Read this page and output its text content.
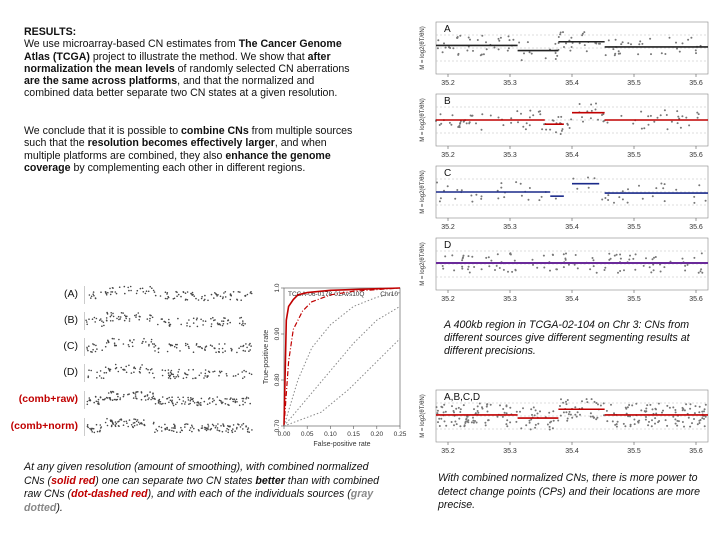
RESULTS:
We use microarray-based CN estimates from The Cancer Genome Atlas (TCGA) project to illustrate the method. We show that after normalization the mean levels of randomly selected CN aberrations are the same across platforms, and that the normalized and combined data better separate two CN states at a given resolution.
We conclude that it is possible to combine CNs from multiple sources such that the resolution becomes effectively larger, and when multiple platforms are combined, they also enhance the genome coverage by complementing each other in different regions.
M = log2(θT/θN) A
35.2	35.3	35.4	35.5	35.6
M = log2(θT/θN) B
35.2	35.3	35.4	35.5	35.6
M = log2(θT/θN) C
35.2	35.3	35.4	35.5	35.6
M = log2(θT/θN) D
35.2	35.3	35.4	35.5	35.6
M = log2(θT/θN) A,B,C,D
35.2	35.3	35.4	35.5	35.6
A 400kb region in TCGA-02-104 on Chr 3: CNs from different sources give different segmenting results at different precisions.
(A)
(B)
(C)
(D)
(comb+raw)
(comb+norm)
TCGA-06-0178-01Avs10Q Chr10
0.00 0.05 0.10 0.15 0.20 0.25
0.70
0.80
0.90
1.0
False-positive rate
True-positive rate
At any given resolution (amount of smoothing), with combined normalized CNs (solid red) one can separate two CN states better than with combined raw CNs (dot-dashed red), and with each of the individuals sources (gray dotted).
With combined normalized CNs, there is more power to detect change points (CPs) and their locations are more precise.
